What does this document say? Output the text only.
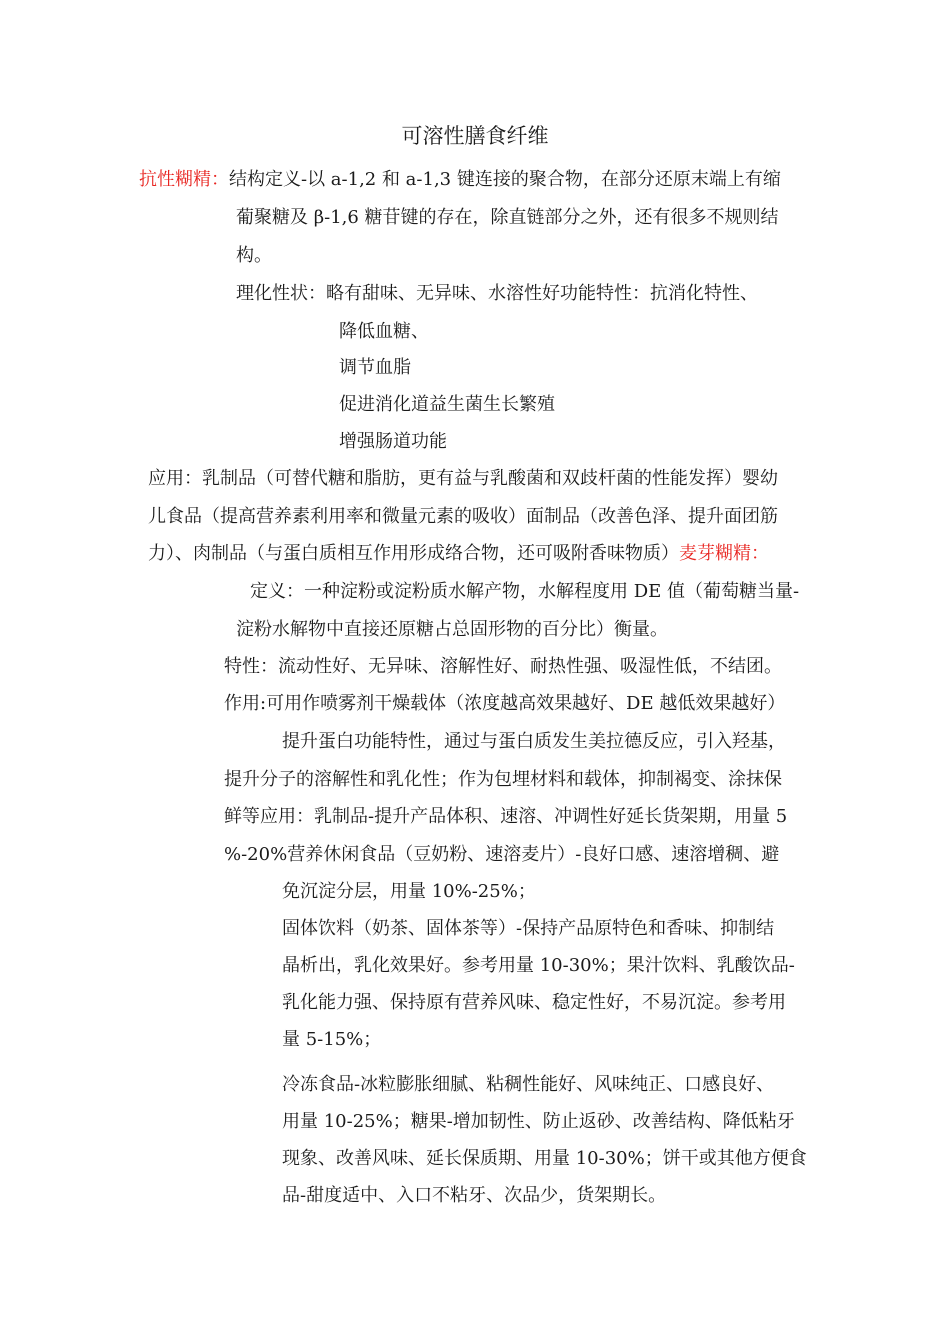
可溶性膳食纤维
抗性糊精：结构定义-以 a-1,2 和 a-1,3 键连接的聚合物，在部分还原末端上有缩
葡聚糖及 β-1,6 糖苷键的存在，除直链部分之外，还有很多不规则结
构。
理化性状：略有甜味、无异味、水溶性好功能特性：抗消化特性、
降低血糖、
调节血脂
促进消化道益生菌生长繁殖
增强肠道功能
应用：乳制品（可替代糖和脂肪，更有益与乳酸菌和双歧杆菌的性能发挥）婴幼
儿食品（提高营养素利用率和微量元素的吸收）面制品（改善色泽、提升面团筋
力）、肉制品（与蛋白质相互作用形成络合物，还可吸附香味物质）麦芽糊精：
定义：一种淀粉或淀粉质水解产物，水解程度用 DE 值（葡萄糖当量-
淀粉水解物中直接还原糖占总固形物的百分比）衡量。
特性：流动性好、无异味、溶解性好、耐热性强、吸湿性低，不结团。
作用:可用作喷雾剂干燥载体（浓度越高效果越好、DE 越低效果越好）
提升蛋白功能特性，通过与蛋白质发生美拉德反应，引入羟基，
提升分子的溶解性和乳化性；作为包埋材料和载体，抑制褐变、涂抹保
鲜等应用：乳制品-提升产品体积、速溶、冲调性好延长货架期，用量 5
%-20%营养休闲食品（豆奶粉、速溶麦片）-良好口感、速溶增稠、避
免沉淀分层，用量 10%-25%；
固体饮料（奶茶、固体茶等）-保持产品原特色和香味、抑制结
晶析出，乳化效果好。参考用量 10-30%；果汁饮料、乳酸饮品-
乳化能力强、保持原有营养风味、稳定性好，不易沉淀。参考用
量 5-15%；
冷冻食品-冰粒膨胀细腻、粘稠性能好、风味纯正、口感良好、
用量 10-25%；糖果-增加韧性、防止返砂、改善结构、降低粘牙
现象、改善风味、延长保质期、用量 10-30%；饼干或其他方便食
品-甜度适中、入口不粘牙、次品少，货架期长。
